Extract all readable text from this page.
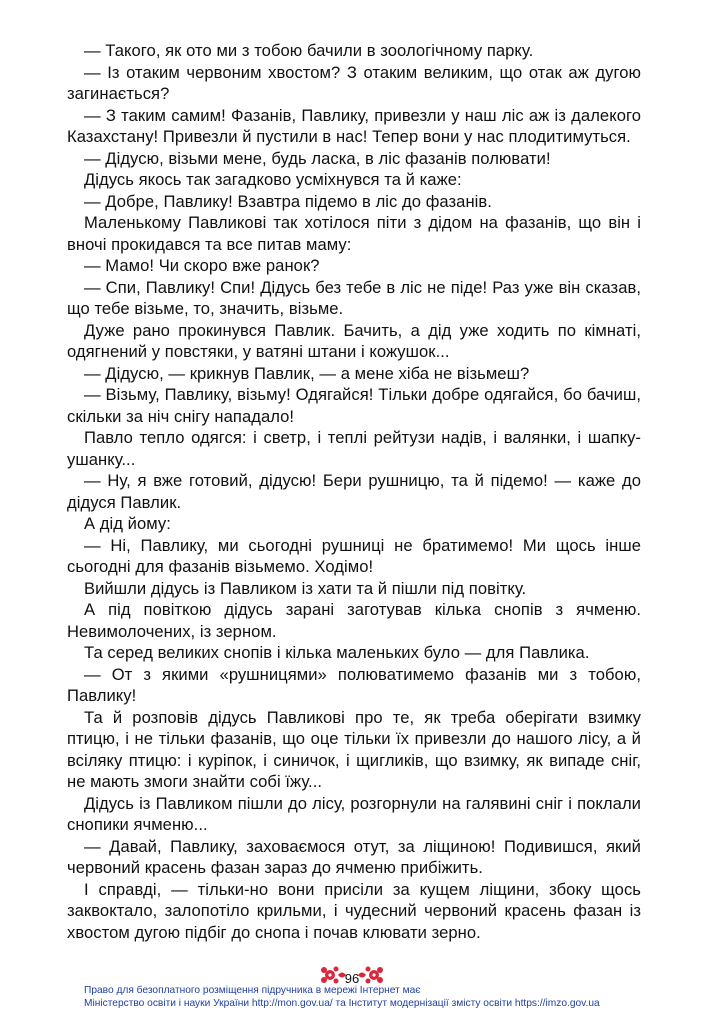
— Такого, як ото ми з тобою бачили в зоологічному парку.

— Із отаким червоним хвостом? З отаким великим, що отак аж дугою загинається?

— З таким самим! Фазанів, Павлику, привезли у наш ліс аж із далекого Казахстану! Привезли й пустили в нас! Тепер вони у нас плодитимуться.

— Дідусю, візьми мене, будь ласка, в ліс фазанів полювати!

Дідусь якось так загадково усміхнувся та й каже:

— Добре, Павлику! Взавтра підемо в ліс до фазанів.

Маленькому Павликові так хотілося піти з дідом на фазанів, що він і вночі прокидався та все питав маму:

— Мамо! Чи скоро вже ранок?

— Спи, Павлику! Спи! Дідусь без тебе в ліс не піде! Раз уже він сказав, що тебе візьме, то, значить, візьме.

Дуже рано прокинувся Павлик. Бачить, а дід уже ходить по кімнаті, одягнений у повстяки, у ватяні штани і кожушок...

— Дідусю, — крикнув Павлик, — а мене хіба не візьмеш?

— Візьму, Павлику, візьму! Одягайся! Тільки добре одягайся, бо бачиш, скільки за ніч снігу нападало!

Павло тепло одягся: і светр, і теплі рейтузи надів, і валянки, і шапку-ушанку...

— Ну, я вже готовий, дідусю! Бери рушницю, та й підемо! — каже до дідуся Павлик.

А дід йому:

— Ні, Павлику, ми сьогодні рушниці не братимемо! Ми щось інше сьогодні для фазанів візьмемо. Ходімо!

Вийшли дідусь із Павликом із хати та й пішли під повітку.

А під повіткою дідусь зарані заготував кілька снопів з ячменю. Невимолочених, із зерном.

Та серед великих снопів і кілька маленьких було — для Павлика.

— От з якими «рушницями» полюватимемо фазанів ми з тобою, Павлику!

Та й розповів дідусь Павликові про те, як треба оберігати взимку птицю, і не тільки фазанів, що оце тільки їх привезли до нашого лісу, а й всіляку птицю: і куріпок, і синичок, і щигликів, що взимку, як випаде сніг, не мають змоги знайти собі їжу...

Дідусь із Павликом пішли до лісу, розгорнули на галявині сніг і поклали снопики ячменю...

— Давай, Павлику, заховаємося отут, за ліщиною! Подивишся, який червоний красень фазан зараз до ячменю прибіжить.

І справді, — тільки-но вони присіли за кущем ліщини, збоку щось заквоктало, залопотіло крильми, і чудесний червоний красень фазан із хвостом дугою підбіг до снопа і почав клювати зерно.

96
Право для безоплатного розміщення підручника в мережі Інтернет має
Міністерство освіти і науки України http://mon.gov.ua/ та Інститут модернізації змісту освіти https://imzo.gov.ua
